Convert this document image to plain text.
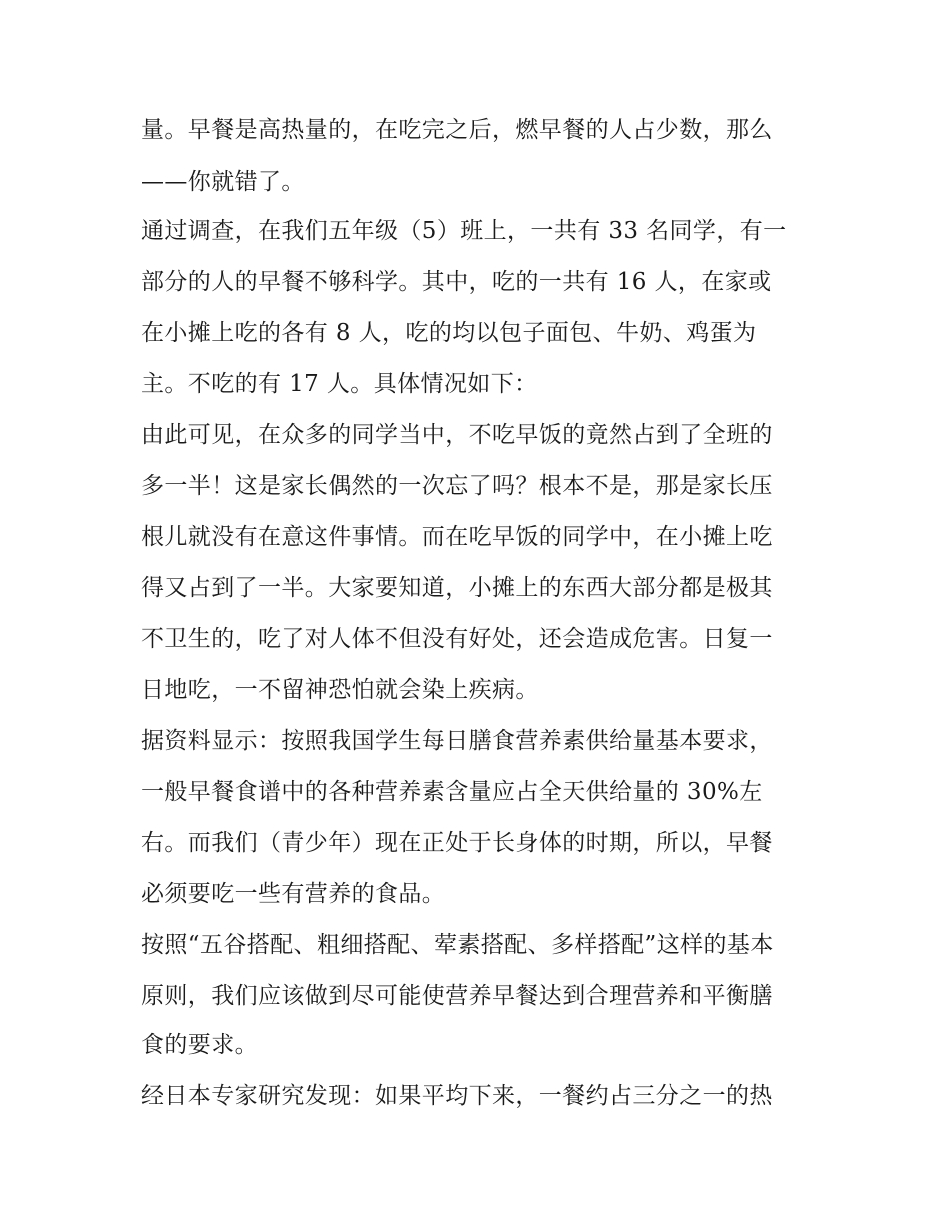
量。早餐是高热量的，在吃完之后，燃早餐的人占少数，那么
——你就错了。
通过调查，在我们五年级（5）班上，一共有 33 名同学，有一
部分的人的早餐不够科学。其中，吃的一共有 16 人，在家或
在小摊上吃的各有 8 人，吃的均以包子面包、牛奶、鸡蛋为
主。不吃的有 17 人。具体情况如下：
由此可见，在众多的同学当中，不吃早饭的竟然占到了全班的
多一半！这是家长偶然的一次忘了吗？根本不是，那是家长压
根儿就没有在意这件事情。而在吃早饭的同学中，在小摊上吃
得又占到了一半。大家要知道，小摊上的东西大部分都是极其
不卫生的，吃了对人体不但没有好处，还会造成危害。日复一
日地吃，一不留神恐怕就会染上疾病。
据资料显示：按照我国学生每日膳食营养素供给量基本要求，
一般早餐食谱中的各种营养素含量应占全天供给量的 30%左
右。而我们（青少年）现在正处于长身体的时期，所以，早餐
必须要吃一些有营养的食品。
按照“五谷搭配、粗细搭配、荤素搭配、多样搭配”这样的基本
原则，我们应该做到尽可能使营养早餐达到合理营养和平衡膳
食的要求。
经日本专家研究发现：如果平均下来，一餐约占三分之一的热
